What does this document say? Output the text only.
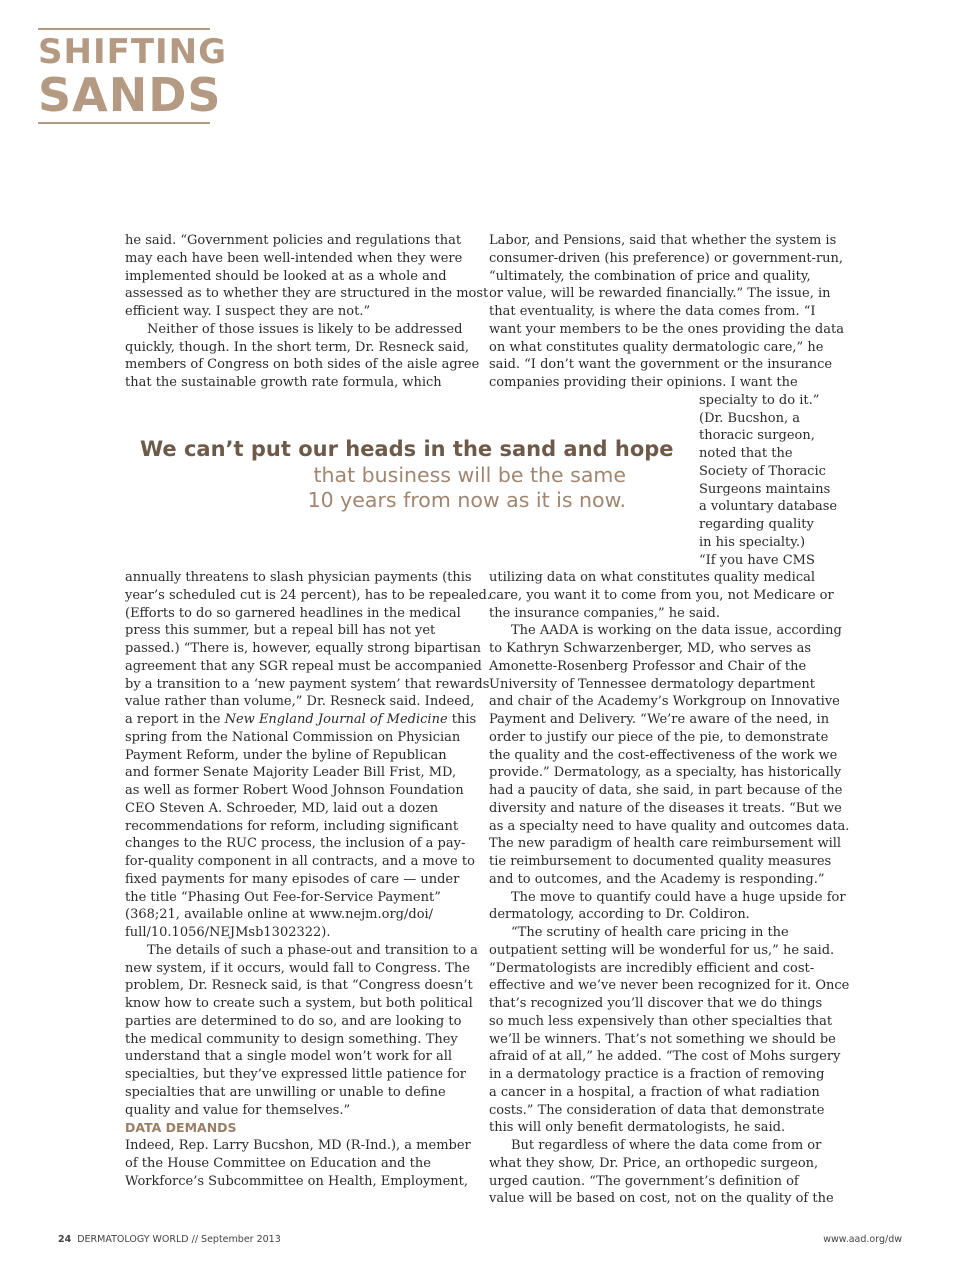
SHIFTING
SANDS
he said. “Government policies and regulations that
may each have been well-intended when they were
implemented should be looked at as a whole and
assessed as to whether they are structured in the most
efficient way. I suspect they are not.”
Neither of those issues is likely to be addressed
quickly, though. In the short term, Dr. Resneck said,
members of Congress on both sides of the aisle agree
that the sustainable growth rate formula, which
Labor, and Pensions, said that whether the system is
consumer-driven (his preference) or government-run,
“ultimately, the combination of price and quality,
or value, will be rewarded financially.” The issue, in
that eventuality, is where the data comes from. “I
want your members to be the ones providing the data
on what constitutes quality dermatologic care,” he
said. “I don’t want the government or the insurance
companies providing their opinions. I want the
specialty to do it.”
(Dr. Bucshon, a
thoracic surgeon,
noted that the
Society of Thoracic
Surgeons maintains
a voluntary database
regarding quality
in his specialty.)
“If you have CMS
We can’t put our heads in the sand and hope
that business will be the same
10 years from now as it is now.
annually threatens to slash physician payments (this
year’s scheduled cut is 24 percent), has to be repealed.
(Efforts to do so garnered headlines in the medical
press this summer, but a repeal bill has not yet
passed.) “There is, however, equally strong bipartisan
agreement that any SGR repeal must be accompanied
by a transition to a ‘new payment system’ that rewards
value rather than volume,” Dr. Resneck said. Indeed,
a report in the New England Journal of Medicine this
spring from the National Commission on Physician
Payment Reform, under the byline of Republican
and former Senate Majority Leader Bill Frist, MD,
as well as former Robert Wood Johnson Foundation
CEO Steven A. Schroeder, MD, laid out a dozen
recommendations for reform, including significant
changes to the RUC process, the inclusion of a pay-
for-quality component in all contracts, and a move to
fixed payments for many episodes of care — under
the title “Phasing Out Fee-for-Service Payment”
(368;21, available online at www.nejm.org/doi/
full/10.1056/NEJMsb1302322).
The details of such a phase-out and transition to a
new system, if it occurs, would fall to Congress. The
problem, Dr. Resneck said, is that “Congress doesn’t
know how to create such a system, but both political
parties are determined to do so, and are looking to
the medical community to design something. They
understand that a single model won’t work for all
specialties, but they’ve expressed little patience for
specialties that are unwilling or unable to define
quality and value for themselves.”
DATA DEMANDS
Indeed, Rep. Larry Bucshon, MD (R-Ind.), a member
of the House Committee on Education and the
Workforce’s Subcommittee on Health, Employment,
utilizing data on what constitutes quality medical
care, you want it to come from you, not Medicare or
the insurance companies,” he said.
The AADA is working on the data issue, according
to Kathryn Schwarzenberger, MD, who serves as
Amonette-Rosenberg Professor and Chair of the
University of Tennessee dermatology department
and chair of the Academy’s Workgroup on Innovative
Payment and Delivery. “We’re aware of the need, in
order to justify our piece of the pie, to demonstrate
the quality and the cost-effectiveness of the work we
provide.” Dermatology, as a specialty, has historically
had a paucity of data, she said, in part because of the
diversity and nature of the diseases it treats. “But we
as a specialty need to have quality and outcomes data.
The new paradigm of health care reimbursement will
tie reimbursement to documented quality measures
and to outcomes, and the Academy is responding.”
The move to quantify could have a huge upside for
dermatology, according to Dr. Coldiron.
“The scrutiny of health care pricing in the
outpatient setting will be wonderful for us,” he said.
“Dermatologists are incredibly efficient and cost-
effective and we’ve never been recognized for it. Once
that’s recognized you’ll discover that we do things
so much less expensively than other specialties that
we’ll be winners. That’s not something we should be
afraid of at all,” he added. “The cost of Mohs surgery
in a dermatology practice is a fraction of removing
a cancer in a hospital, a fraction of what radiation
costs.” The consideration of data that demonstrate
this will only benefit dermatologists, he said.
But regardless of where the data come from or
what they show, Dr. Price, an orthopedic surgeon,
urged caution. “The government’s definition of
value will be based on cost, not on the quality of the
24 DERMATOLOGY WORLD // September 2013	www.aad.org/dw
